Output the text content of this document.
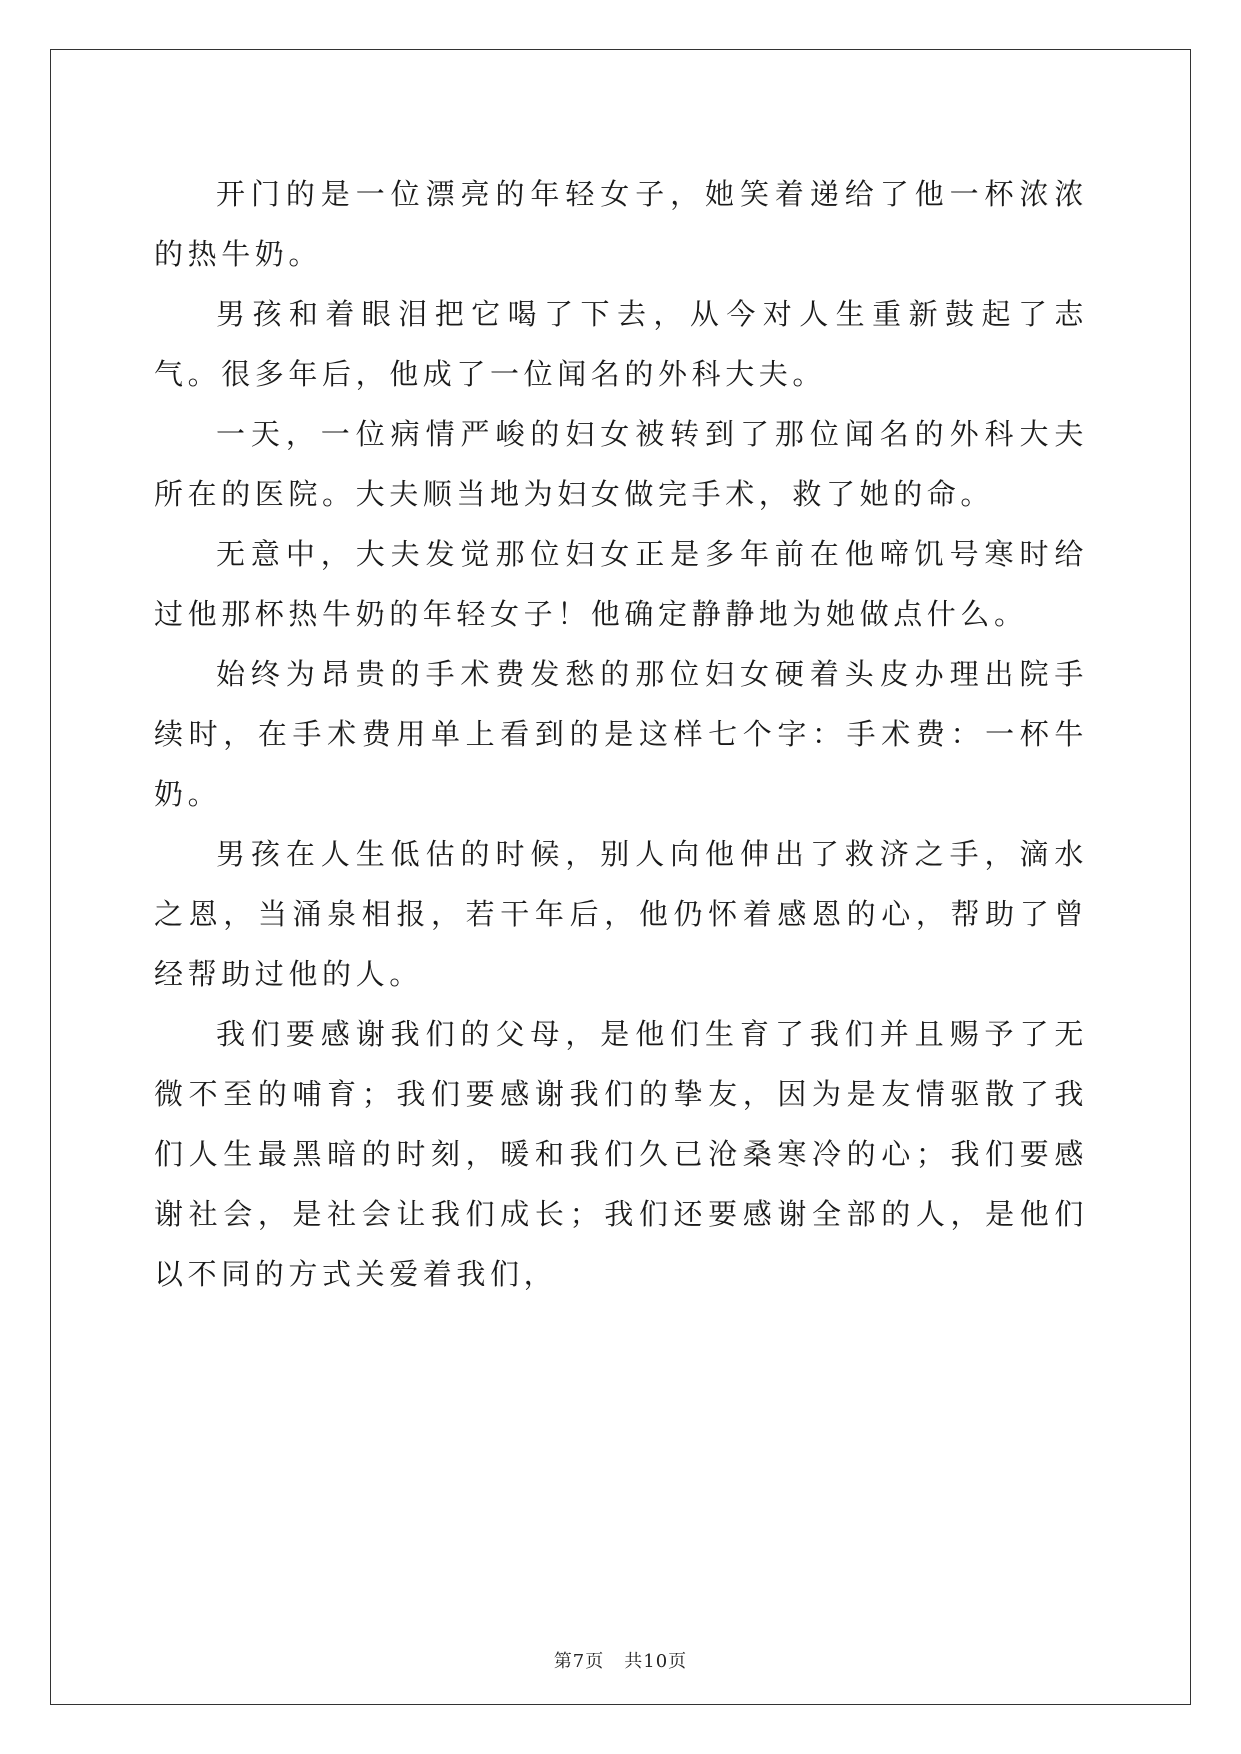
开门的是一位漂亮的年轻女子，她笑着递给了他一杯浓浓的热牛奶。

男孩和着眼泪把它喝了下去，从今对人生重新鼓起了志气。很多年后，他成了一位闻名的外科大夫。

一天，一位病情严峻的妇女被转到了那位闻名的外科大夫所在的医院。大夫顺当地为妇女做完手术，救了她的命。

无意中，大夫发觉那位妇女正是多年前在他啼饥号寒时给过他那杯热牛奶的年轻女子！他确定静静地为她做点什么。

始终为昂贵的手术费发愁的那位妇女硬着头皮办理出院手续时，在手术费用单上看到的是这样七个字：手术费：一杯牛奶。

男孩在人生低估的时候，别人向他伸出了救济之手，滴水之恩，当涌泉相报，若干年后，他仍怀着感恩的心，帮助了曾经帮助过他的人。

我们要感谢我们的父母，是他们生育了我们并且赐予了无微不至的哺育；我们要感谢我们的挚友，因为是友情驱散了我们人生最黑暗的时刻，暖和我们久已沧桑寒冷的心；我们要感谢社会，是社会让我们成长；我们还要感谢全部的人，是他们以不同的方式关爱着我们，

第7页 共10页
